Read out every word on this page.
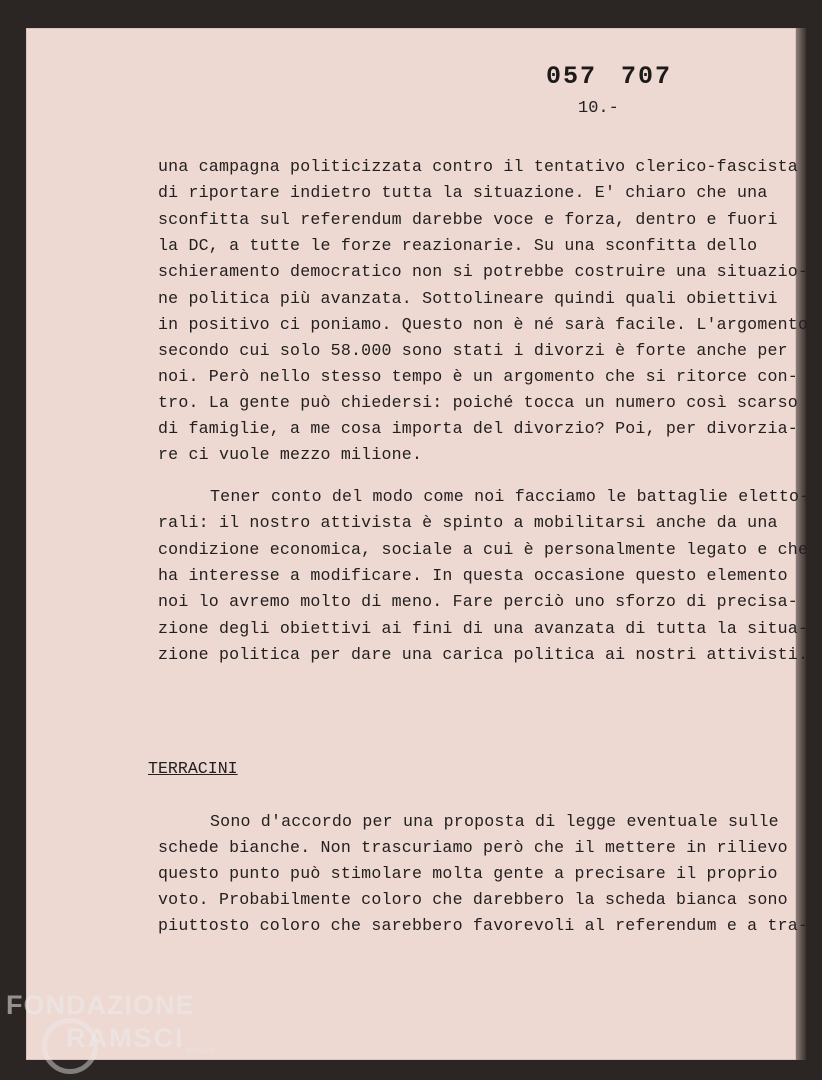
057 707
10.-
una campagna politicizzata contro il tentativo clerico-fascista
di riportare indietro tutta la situazione. E' chiaro che una
sconfitta sul referendum darebbe voce e forza, dentro e fuori
la DC, a tutte le forze reazionarie. Su una sconfitta dello
schieramento democratico non si potrebbe costruire una situazio-
ne politica più avanzata. Sottolineare quindi quali obiettivi
in positivo ci poniamo. Questo non è né sarà facile. L'argomento
secondo cui solo 58.000 sono stati i divorzi è forte anche per
noi. Però nello stesso tempo è un argomento che si ritorce con-
tro. La gente può chiedersi: poiché tocca un numero così scarso
di famiglie, a me cosa importa del divorzio? Poi, per divorzia-
re ci vuole mezzo milione.
Tener conto del modo come noi facciamo le battaglie eletto-
rali: il nostro attivista è spinto a mobilitarsi anche da una
condizione economica, sociale a cui è personalmente legato e che
ha interesse a modificare. In questa occasione questo elemento
noi lo avremo molto di meno. Fare perciò uno sforzo di precisa-
zione degli obiettivi ai fini di una avanzata di tutta la situa-
zione politica per dare una carica politica ai nostri attivisti.
TERRACINI
Sono d'accordo per una proposta di legge eventuale sulle
schede bianche. Non trascuriamo però che il mettere in rilievo
questo punto può stimolare molta gente a precisare il proprio
voto. Probabilmente coloro che darebbero la scheda bianca sono
piuttosto coloro che sarebbero favorevoli al referendum e a tra-
FONDAZIONE
RAMSCI onlus
